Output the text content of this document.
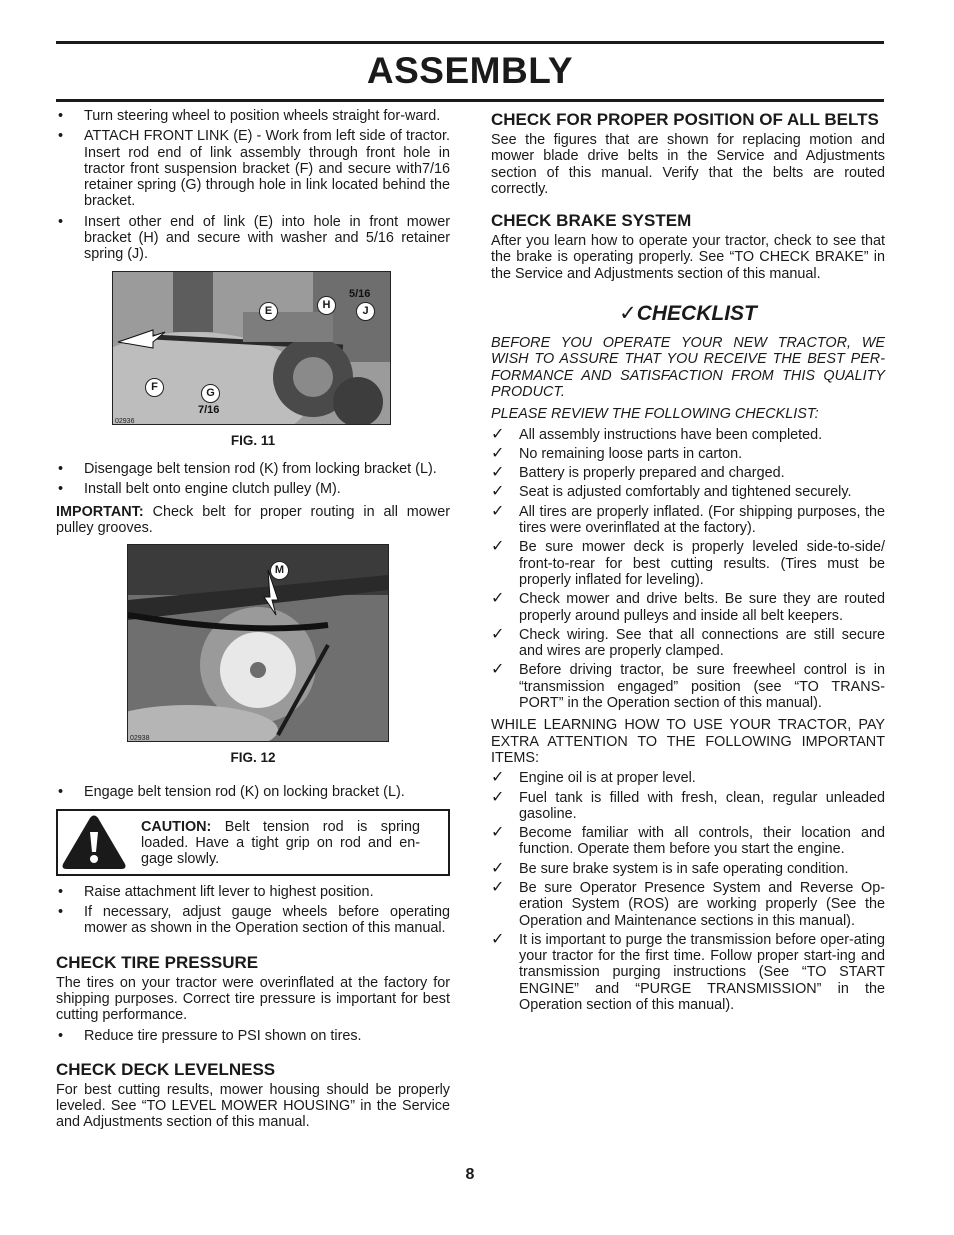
ASSEMBLY
• Turn steering wheel to position wheels straight for-ward.
• ATTACH FRONT LINK (E) - Work from left side of tractor. Insert rod end of link assembly through front hole in tractor front suspension bracket (F) and secure with7/16 retainer spring (G) through hole in link located behind the bracket.
• Insert other end of link (E) into hole in front mower bracket (H) and secure with washer and 5/16 retainer spring (J).
E	H	J
5/16
F	G
7/16
02936
FIG. 11
• Disengage belt tension rod (K) from locking bracket (L).
• Install belt onto engine clutch pulley (M).
IMPORTANT: Check belt for proper routing in all mower pulley grooves.
M
02938
FIG. 12
• Engage belt tension rod (K) on locking bracket (L).
CAUTION: Belt tension rod is spring loaded. Have a tight grip on rod and en-gage slowly.
• Raise attachment lift lever to highest position.
• If necessary, adjust gauge wheels before operating mower as shown in the Operation section of this manual.
CHECK TIRE PRESSURE
The tires on your tractor were overinflated at the factory for shipping purposes. Correct tire pressure is important for best cutting performance.
• Reduce tire pressure to PSI shown on tires.
CHECK DECK LEVELNESS
For best cutting results, mower housing should be properly leveled. See “TO LEVEL MOWER HOUSING” in the Service and Adjustments section of this manual.
CHECK FOR PROPER POSITION OF ALL BELTS
See the figures that are shown for replacing motion and mower blade drive belts in the Service and Adjustments section of this manual. Verify that the belts are routed correctly.
CHECK BRAKE SYSTEM
After you learn how to operate your tractor, check to see that the brake is operating properly. See “TO CHECK BRAKE” in the Service and Adjustments section of this manual.
✓CHECKLIST
BEFORE YOU OPERATE YOUR NEW TRACTOR, WE WISH TO ASSURE THAT YOU RECEIVE THE BEST PER-FORMANCE AND SATISFACTION FROM THIS QUALITY PRODUCT.
PLEASE REVIEW THE FOLLOWING CHECKLIST:
✓ All assembly instructions have been completed.
✓ No remaining loose parts in carton.
✓ Battery is properly prepared and charged.
✓ Seat is adjusted comfortably and tightened securely.
✓ All tires are properly inflated. (For shipping purposes, the tires were overinflated at the factory).
✓ Be sure mower deck is properly leveled side-to-side/ front-to-rear for best cutting results. (Tires must be properly inflated for leveling).
✓ Check mower and drive belts. Be sure they are routed properly around pulleys and inside all belt keepers.
✓ Check wiring. See that all connections are still secure and wires are properly clamped.
✓ Before driving tractor, be sure freewheel control is in “transmission engaged” position (see “TO TRANS-PORT” in the Operation section of this manual).
WHILE LEARNING HOW TO USE YOUR TRACTOR, PAY EXTRA ATTENTION TO THE FOLLOWING IMPORTANT ITEMS:
✓ Engine oil is at proper level.
✓ Fuel tank is filled with fresh, clean, regular unleaded gasoline.
✓ Become familiar with all controls, their location and function. Operate them before you start the engine.
✓ Be sure brake system is in safe operating condition.
✓ Be sure Operator Presence System and Reverse Op-eration System (ROS) are working properly (See the Operation and Maintenance sections in this manual).
✓ It is important to purge the transmission before oper-ating your tractor for the first time. Follow proper start-ing and transmission purging instructions (See “TO START ENGINE” and “PURGE TRANSMISSION” in the Operation section of this manual).
8
